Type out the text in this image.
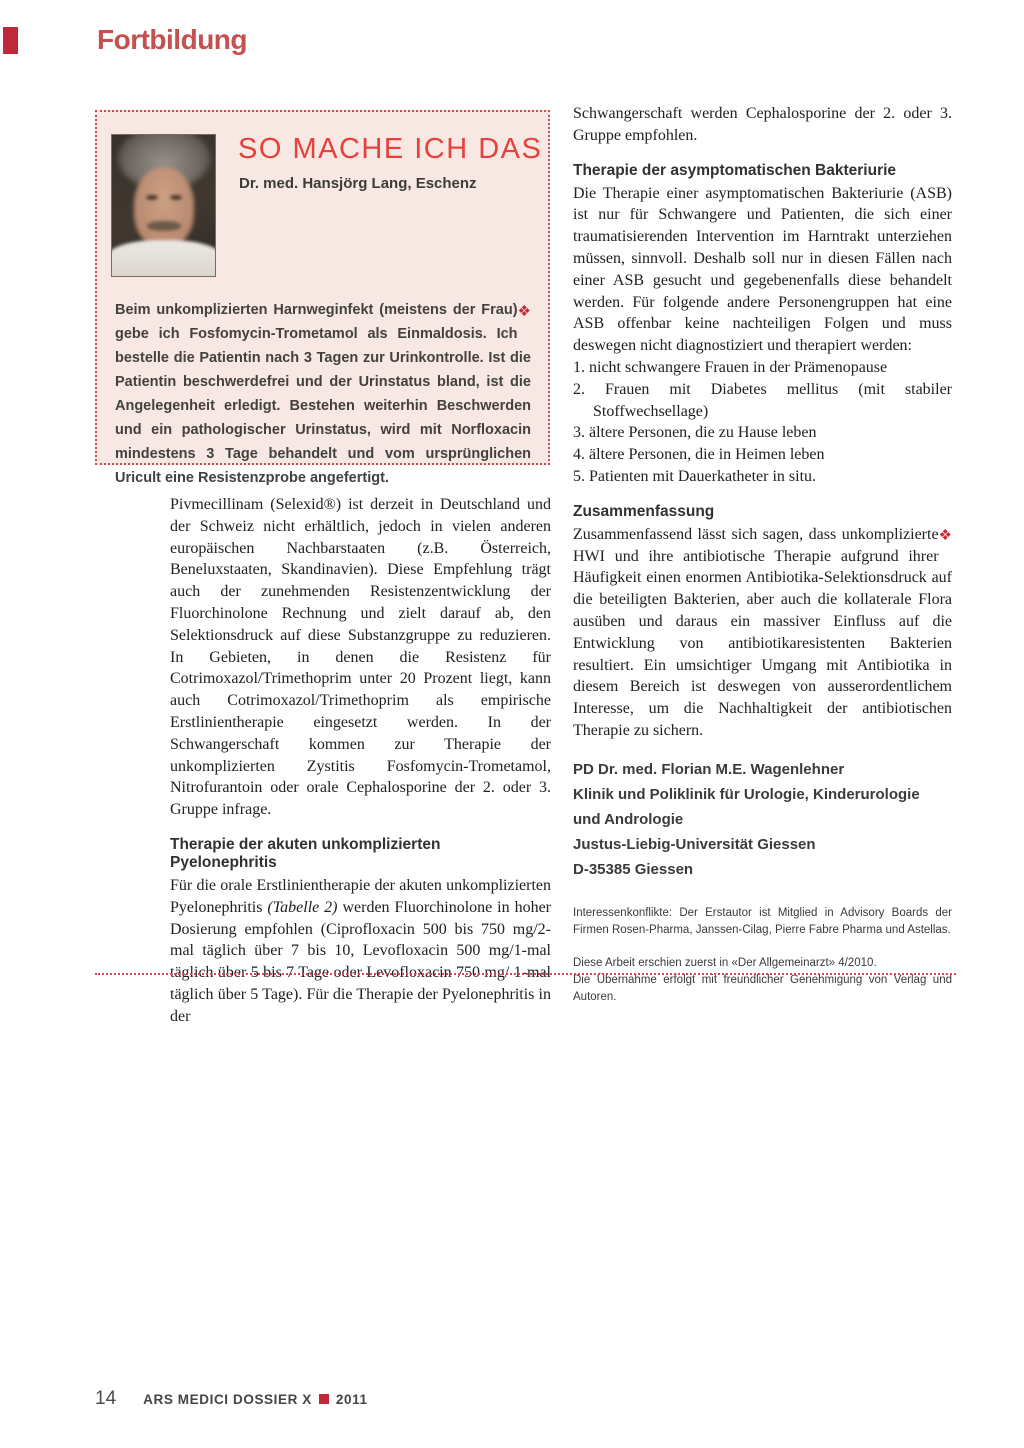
Fortbildung
SO MACHE ICH DAS
Dr. med. Hansjörg Lang, Eschenz

❖
Beim unkomplizierten Harnweginfekt (meistens der Frau) gebe ich Fosfomycin-Trometamol als Einmaldosis. Ich bestelle die Patientin nach 3 Tagen zur Urinkontrolle. Ist die Patientin beschwerdefrei und der Urinstatus bland, ist die Angelegenheit erledigt. Bestehen weiterhin Beschwerden und ein pathologischer Urinstatus, wird mit Norfloxacin mindestens 3 Tage behandelt und vom ursprünglichen Uricult eine Resistenzprobe angefertigt.

Pivmecillinam (Selexid®) ist derzeit in Deutschland und der Schweiz nicht erhältlich, jedoch in vielen anderen europäischen Nachbarstaaten (z.B. Österreich, Beneluxstaaten, Skandinavien). Diese Empfehlung trägt auch der zunehmenden Resistenzentwicklung der Fluorchinolone Rechnung und zielt darauf ab, den Selektionsdruck auf diese Substanzgruppe zu reduzieren. In Gebieten, in denen die Resistenz für Cotrimoxazol/Trimethoprim unter 20 Prozent liegt, kann auch Cotrimoxazol/Trimethoprim als empirische Erstlinientherapie eingesetzt werden. In der Schwangerschaft kommen zur Therapie der unkomplizierten Zystitis Fosfomycin-Trometamol, Nitrofurantoin oder orale Cephalosporine der 2. oder 3. Gruppe infrage.

Therapie der akuten unkomplizierten Pyelonephritis

Für die orale Erstlinientherapie der akuten unkomplizierten Pyelonephritis (Tabelle 2) werden Fluorchinolone in hoher Dosierung empfohlen (Ciprofloxacin 500 bis 750 mg/2-mal täglich über 7 bis 10, Levofloxacin 500 mg/1-mal täglich über 5 bis 7 Tage oder Levofloxacin 750 mg/ 1-mal täglich über 5 Tage). Für die Therapie der Pyelonephritis in der

Schwangerschaft werden Cephalosporine der 2. oder 3. Gruppe empfohlen.

Therapie der asymptomatischen Bakteriurie

Die Therapie einer asymptomatischen Bakteriurie (ASB) ist nur für Schwangere und Patienten, die sich einer traumatisierenden Intervention im Harntrakt unterziehen müssen, sinnvoll. Deshalb soll nur in diesen Fällen nach einer ASB gesucht und gegebenenfalls diese behandelt werden. Für folgende andere Personengruppen hat eine ASB offenbar keine nachteiligen Folgen und muss deswegen nicht diagnostiziert und therapiert werden:

1. nicht schwangere Frauen in der Prämenopause
2. Frauen mit Diabetes mellitus (mit stabiler Stoffwechsellage)
3. ältere Personen, die zu Hause leben
4. ältere Personen, die in Heimen leben
5. Patienten mit Dauerkatheter in situ.
Zusammenfassung

❖
Zusammenfassend lässt sich sagen, dass unkomplizierte HWI und ihre antibiotische Therapie aufgrund ihrer Häufigkeit einen enormen Antibiotika-Selektionsdruck auf die beteiligten Bakterien, aber auch die kollaterale Flora ausüben und daraus ein massiver Einfluss auf die Entwicklung von antibiotikaresistenten Bakterien resultiert. Ein umsichtiger Umgang mit Antibiotika in diesem Bereich ist deswegen von ausserordentlichem Interesse, um die Nachhaltigkeit der antibiotischen Therapie zu sichern.

PD Dr. med. Florian M.E. Wagenlehner
Klinik und Poliklinik für Urologie, Kinderurologie
und Andrologie
Justus-Liebig-Universität Giessen
D-35385 Giessen

Interessenkonflikte: Der Erstautor ist Mitglied in Advisory Boards der Firmen Rosen-Pharma, Janssen-Cilag, Pierre Fabre Pharma und Astellas.

Diese Arbeit erschien zuerst in «Der Allgemeinarzt» 4/2010.

Die Übernahme erfolgt mit freundlicher Genehmigung von Verlag und Autoren.

14 ARS MEDICI DOSSIER X 2011
